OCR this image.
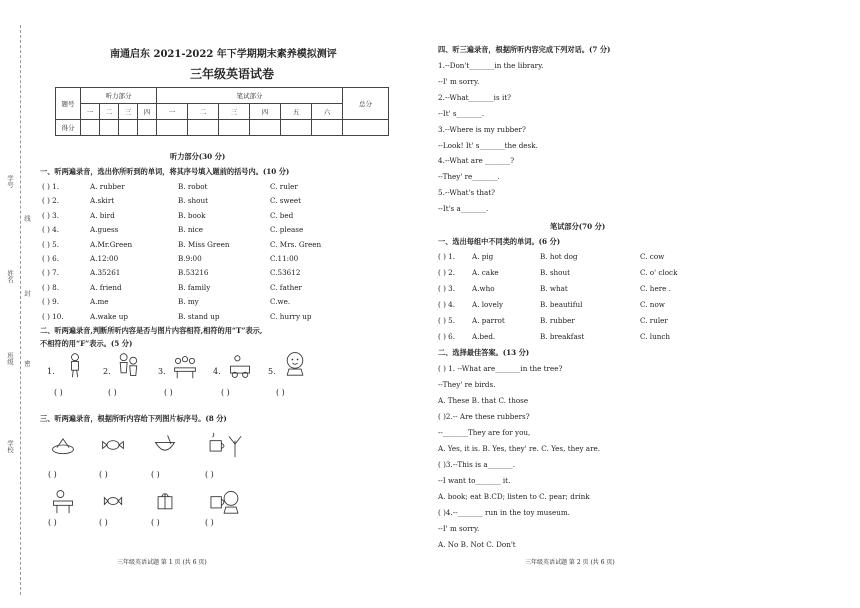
学校
班级
姓名
学号
密
封
线
南通启东 2021-2022 年下学期期末素养模拟测评
三年级英语试卷
题号	听力部分				笔试部分						总分
	一	二	三	四	一	二	三	四	五	六	
得分											
听力部分(30 分)
一、听两遍录音，选出你所听到的单词，将其序号填入题前的括号内。(10 分)
( ) 1.	A. rubber	B. robot	C. ruler
( ) 2.	A.skirt	B. shout	C. sweet
( ) 3.	A. bird	B. book	C. bed
( ) 4.	A.guess	B. nice	C. please
( ) 5.	A.Mr.Green	B. Miss Green	C. Mrs. Green
( ) 6.	A.12:00	B.9:00	C.11:00
( ) 7.	A.35261	B.53216	C.53612
( ) 8.	A. friend	B. family	C. father
( ) 9.	A.me	B. my	C.we.
( ) 10.	A.wake up	B. stand up	C. hurry up
二、听两遍录音,判断所听内容是否与图片内容相符,相符的用“T”表示,
不相符的用“F”表示。(5 分)
1.	2.	3.	4.	5.
( )	( )	( )	( )	( )
三、听两遍录音，根据所听内容给下列图片标序号。(8 分)
( )	( )	( )	( )
( )	( )	( )	( )
三年级英语试题 第 1 页 (共 6 页)
四、听三遍录音，根据所听内容完成下列对话。(7 分)
1.--Don't_______in the library.
--I' m sorry.
2.--What_______is it?
--It' s_______.
3.--Where is my rubber?
--Look! It' s_______the desk.
4.--What are _______?
--They' re_______.
5.--What's that?
--It's a_______.
笔试部分(70 分)
一、选出每组中不同类的单词。(6 分)
( ) 1. A. pig	B. hot dog	C. cow
( ) 2. A. cake	B. shout	C. o' clock
( ) 3. A.who	B. what	C. here .
( ) 4. A. lovely	B. beautiful	C. now
( ) 5. A. parrot	B. rubber	C. ruler
( ) 6. A.bed.	B. breakfast	C. lunch
二、选择最佳答案。(13 分)
( ) 1. --What are_______in the tree?
--They' re birds.
A. These B. that C. those
( )2.-- Are these rubbers?
--_______They are for you,
A. Yes, it is. B. Yes, they' re. C. Yes, they are.
( )3.--This is a_______.
--I want to_______ it.
A. book; eat B.CD; listen to C. pear; drink
( )4.--_______ run in the toy museum.
--I' m sorry.
A. No B. Not C. Don't
三年级英语试题 第 2 页 (共 6 页)
